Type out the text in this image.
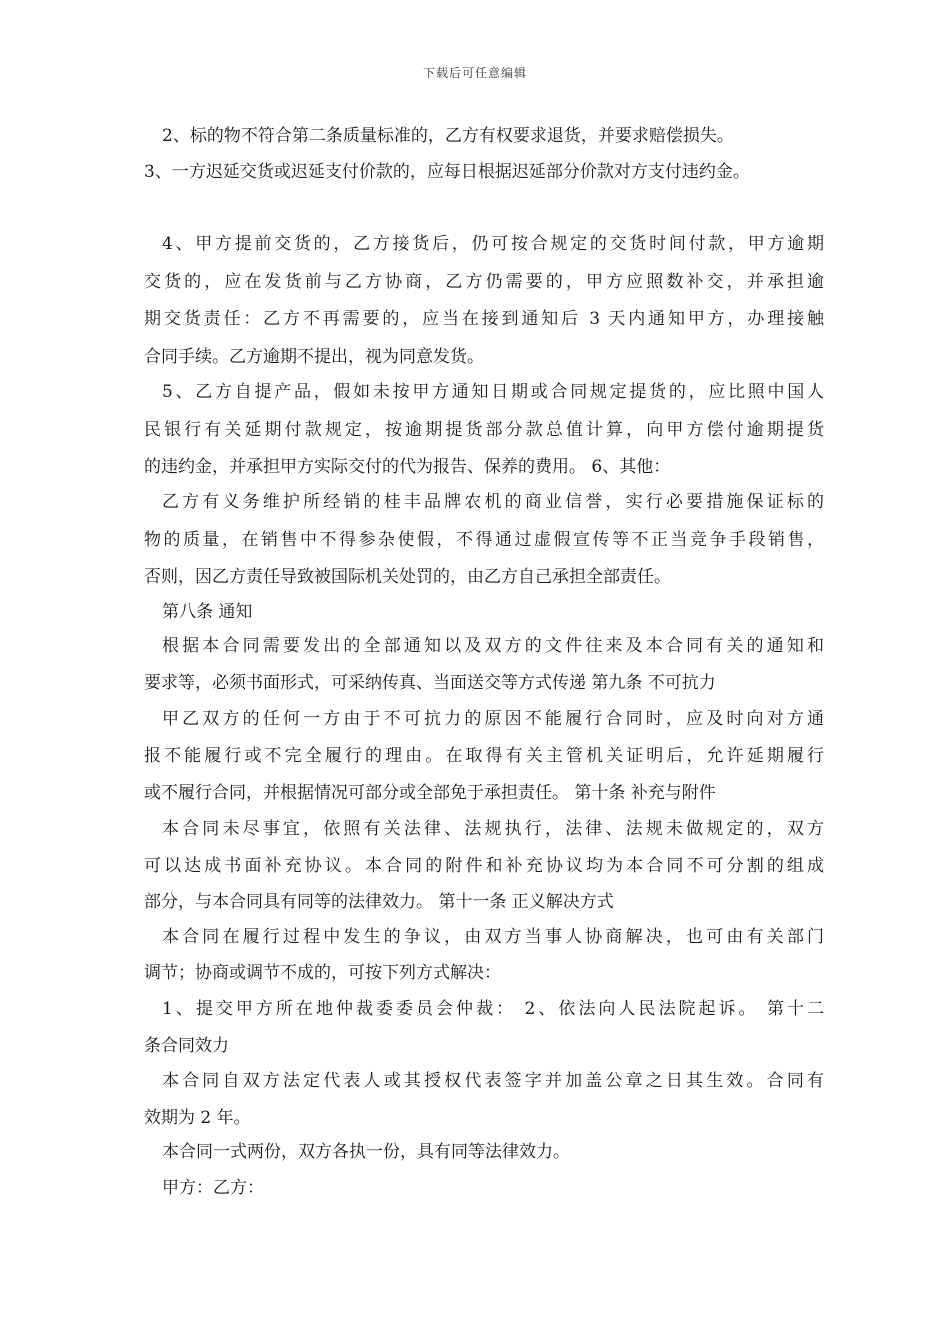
下载后可任意编辑
2、标的物不符合第二条质量标准的，乙方有权要求退货，并要求赔偿损失。
3、一方迟延交货或迟延支付价款的，应每日根据迟延部分价款对方支付违约金。
4、甲方提前交货的，乙方接货后，仍可按合规定的交货时间付款，甲方逾期
交货的，应在发货前与乙方协商，乙方仍需要的，甲方应照数补交，并承担逾
期交货责任：乙方不再需要的，应当在接到通知后 3 天内通知甲方，办理接触
合同手续。乙方逾期不提出，视为同意发货。
5、乙方自提产品，假如未按甲方通知日期或合同规定提货的，应比照中国人
民银行有关延期付款规定，按逾期提货部分款总值计算，向甲方偿付逾期提货
的违约金，并承担甲方实际交付的代为报告、保养的费用。 6、其他：
乙方有义务维护所经销的桂丰品牌农机的商业信誉，实行必要措施保证标的
物的质量，在销售中不得参杂使假，不得通过虚假宣传等不正当竞争手段销售，
否则，因乙方责任导致被国际机关处罚的，由乙方自己承担全部责任。
第八条 通知
根据本合同需要发出的全部通知以及双方的文件往来及本合同有关的通知和
要求等，必须书面形式，可采纳传真、当面送交等方式传递 第九条 不可抗力
甲乙双方的任何一方由于不可抗力的原因不能履行合同时，应及时向对方通
报不能履行或不完全履行的理由。在取得有关主管机关证明后，允许延期履行
或不履行合同，并根据情况可部分或全部免于承担责任。 第十条 补充与附件
本合同未尽事宜，依照有关法律、法规执行，法律、法规未做规定的，双方
可以达成书面补充协议。本合同的附件和补充协议均为本合同不可分割的组成
部分，与本合同具有同等的法律效力。 第十一条 正义解决方式
本合同在履行过程中发生的争议，由双方当事人协商解决，也可由有关部门
调节；协商或调节不成的，可按下列方式解决：
1、提交甲方所在地仲裁委委员会仲裁： 2、依法向人民法院起诉。 第十二
条合同效力
本合同自双方法定代表人或其授权代表签字并加盖公章之日其生效。合同有
效期为 2 年。
本合同一式两份，双方各执一份，具有同等法律效力。
甲方：乙方：
